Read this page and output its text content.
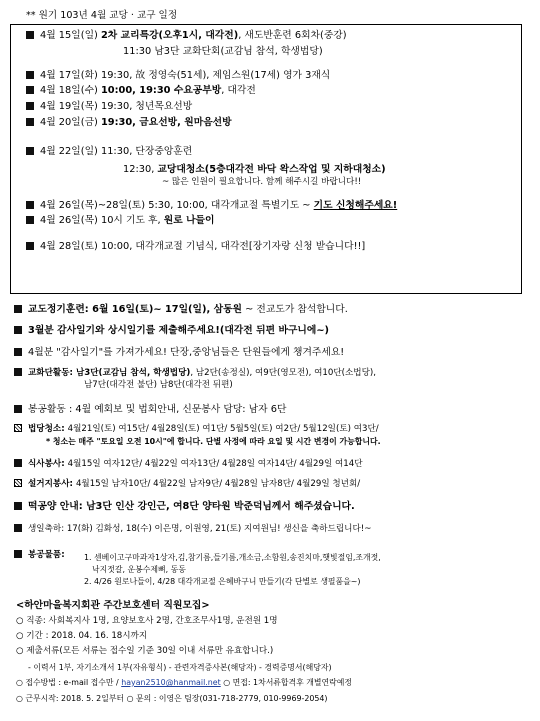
** 원기 103년 4월 교당 · 교구 일정
4월 15일(일) 2차 교리특강(오후1시, 대각전), 새도반훈련 6회차(중강)
11:30 남3단 교화단회(교감님 참석, 학생법당)
4월 17일(화) 19:30, 故 정영숙(51세), 제임스원(17세) 영가 3재식
4월 18일(수) 10:00, 19:30 수요공부방, 대각전
4월 19일(목) 19:30, 청년목요선방
4월 20일(금) 19:30, 금요선방, 원마음선방
4월 22일(일) 11:30, 단장중앙훈련
12:30, 교당대청소(5층대각전 바닥 왁스작업 및 지하대청소)
~ 많은 인원이 필요합니다. 함께 해주시길 바랍니다!!
4월 26일(목)~28일(토) 5:30, 10:00, 대각개교절 특별기도 ~ 기도 신청해주세요!
4월 26일(목) 10시 기도 후, 원로 나들이
4월 28일(토) 10:00, 대각개교절 기념식, 대각전[장기자랑 신청 받습니다!!]
교도정기훈련: 6월 16일(토)~ 17일(일), 삼동원 ~ 전교도가 참석합니다.
3월분 감사일기와 상시일기를 제출해주세요!(대각전 뒤편 바구니에~)
4월분 "감사일기"를 가져가세요! 단장,중앙님들은 단원들에게 챙겨주세요!
교화단활동: 남3단(교감님 참석, 학생법당), 남2단(송정실), 여9단(영모전), 여10단(소법당),
남7단(대각전 불단) 남8단(대각전 뒤편)
봉공활동 : 4월 예회보 및 법회안내, 신문봉사 담당: 남자 6단
법당청소: 4월21일(토) 여15단/ 4월28일(토) 여1단/ 5월5일(토) 여2단/ 5월12일(토) 여3단/
* 청소는 매주 "토요일 오전 10시"에 합니다. 단별 사정에 따라 요일 및 시간 변경이 가능합니다.
식사봉사: 4월15일 여자12단/ 4월22일 여자13단/ 4월28일 여자14단/ 4월29일 여14단
설거지봉사: 4월15일 남자10단/ 4월22일 남자9단/ 4월28일 남자8단/ 4월29일 청년회/
떡공양 안내: 남3단 인산 강인근, 여8단 양타원 박준덕님께서 해주셨습니다.
생일축하: 17(화) 김화성, 18(수) 이은명, 이원영, 21(토) 지여원님! 생신을 축하드립니다!~
봉공물품: 1. 센베이고구마과자1상자,김,참기름,들기름,개소금,소함원,송진치마,햇빛절임,조개젓,
낙지젓갈, 운봉수제뼈, 동동
2. 4/26 원로나들이, 4/28 대각개교절 은혜바구니 만들기(각 단별로 생필품을~)
<하안마을복지회관 주간보호센터 직원모집>
○ 직종: 사회복지사 1명, 요양보호사 2명, 간호조무사1명, 운전원 1명
○ 기간 : 2018. 04. 16. 18시까지
○ 제출서류(모든 서류는 접수일 기준 30일 이내 서류만 유효합니다.)
- 이력서 1부, 자기소개서 1부(자유형식) - 관련자격증사본(해당자) - 경력증명서(해당자)
○ 접수방법 : e-mail 접수만 / hayan2510@hanmail.net ○ 면접: 1차서류합격후 개별연락예정
○ 근무시작: 2018. 5. 2일부터 ○ 문의 : 이영은 팀장(031-718-2779, 010-9969-2054)
